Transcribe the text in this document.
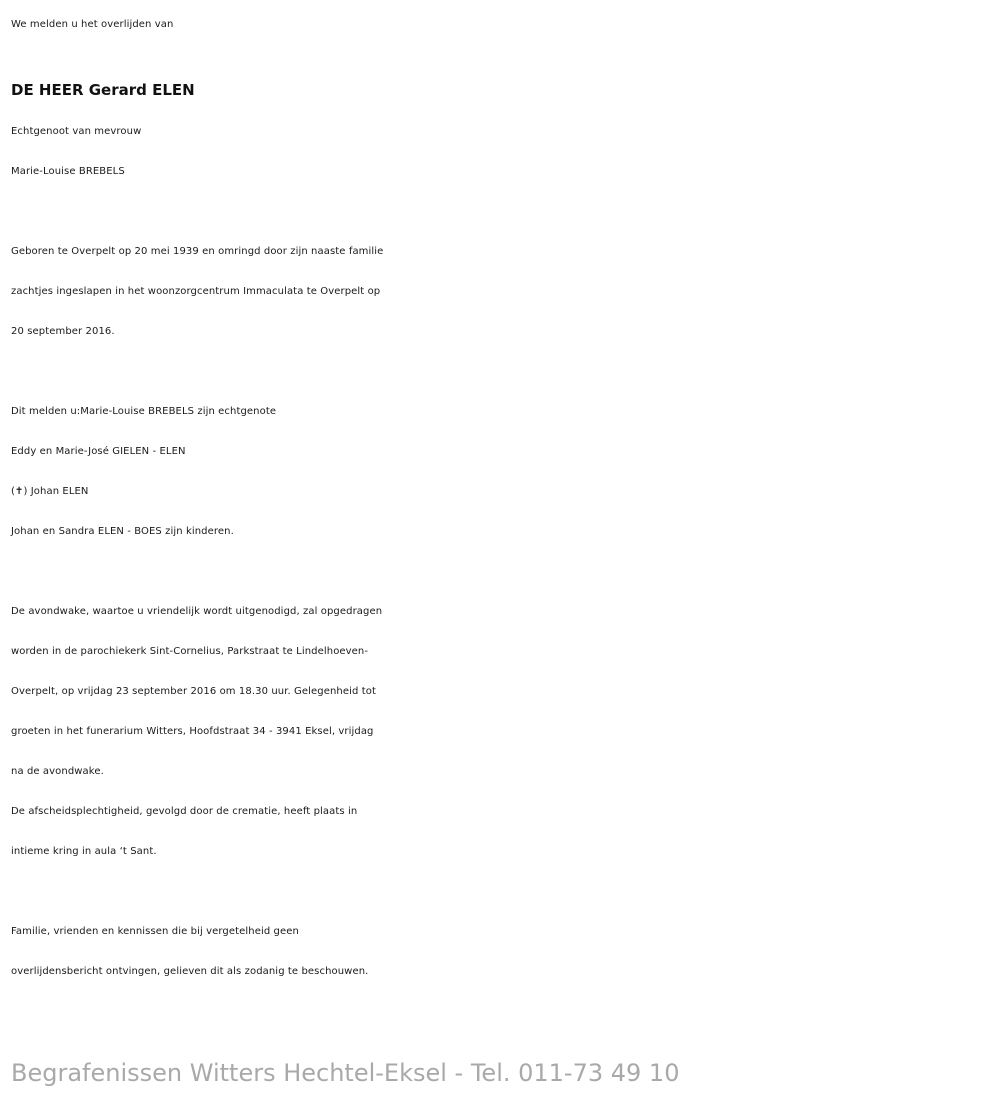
We melden u het overlijden van
DE HEER Gerard ELEN
Echtgenoot van mevrouw
Marie-Louise BREBELS
Geboren te Overpelt op 20 mei 1939 en omringd door zijn naaste familie
zachtjes ingeslapen in het woonzorgcentrum Immaculata te Overpelt op
20 september 2016.
Dit melden u:Marie-Louise BREBELS zijn echtgenote
Eddy en Marie-José GIELEN - ELEN
(✝) Johan ELEN
Johan en Sandra ELEN - BOES zijn kinderen.
De avondwake, waartoe u vriendelijk wordt uitgenodigd, zal opgedragen
worden in de parochiekerk Sint-Cornelius, Parkstraat te Lindelhoeven-
Overpelt, op vrijdag 23 september 2016 om 18.30 uur. Gelegenheid tot
groeten in het funerarium Witters, Hoofdstraat 34 - 3941 Eksel, vrijdag
na de avondwake.
De afscheidsplechtigheid, gevolgd door de crematie, heeft plaats in
intieme kring in aula ‘t Sant.
Familie, vrienden en kennissen die bij vergetelheid geen
overlijdensbericht ontvingen, gelieven dit als zodanig te beschouwen.
Begrafenissen Witters Hechtel-Eksel - Tel. 011-73 49 10
